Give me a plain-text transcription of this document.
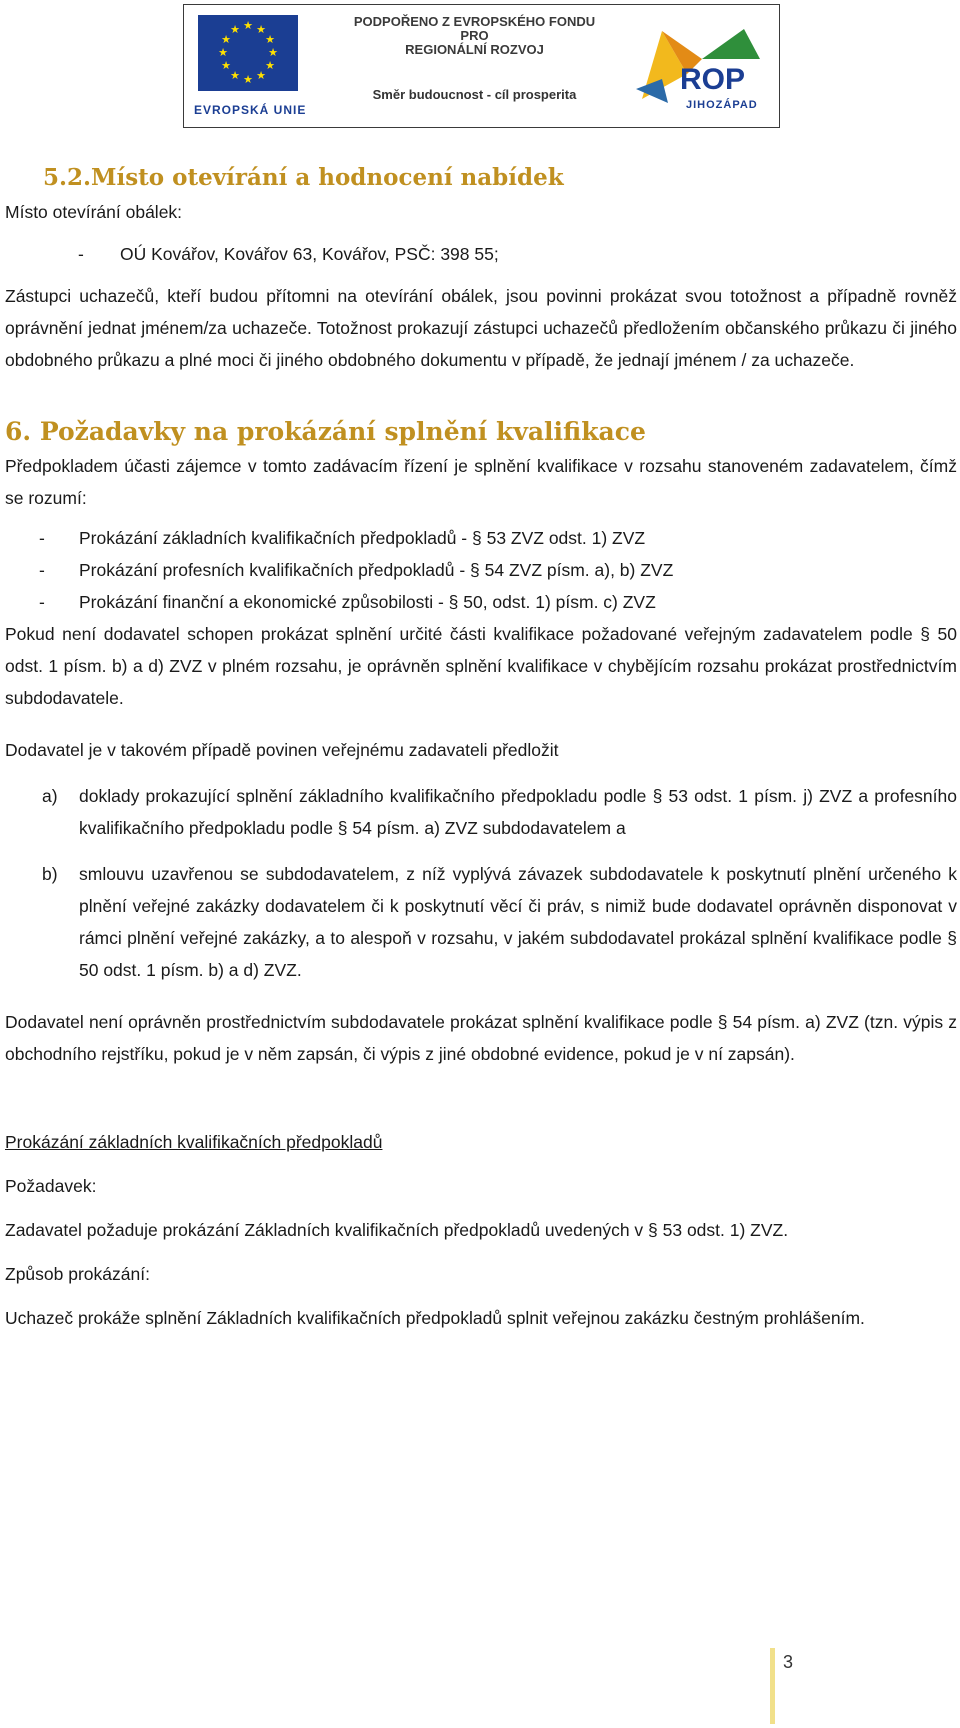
★ ★
★
★
★
★
★
★
★
★
★
★
EVROPSKÁ UNIE
PODPOŘENO Z EVROPSKÉHO FONDU
PRO
REGIONÁLNÍ ROZVOJ
Směr budoucnost - cíl prosperita	ROP
JIHOZÁPAD
5.2.Místo otevírání a hodnocení nabídek

Místo otevírání obálek:

- OÚ Kovářov, Kovářov 63, Kovářov, PSČ: 398 55;

Zástupci uchazečů, kteří budou přítomni na otevírání obálek, jsou povinni prokázat svou totožnost a případně rovněž oprávnění jednat jménem/za uchazeče. Totožnost prokazují zástupci uchazečů předložením občanského průkazu či jiného obdobného průkazu a plné moci či jiného obdobného dokumentu v případě, že jednají jménem / za uchazeče.

6. Požadavky na prokázání splnění kvalifikace

Předpokladem účasti zájemce v tomto zadávacím řízení je splnění kvalifikace v rozsahu stanoveném zadavatelem, čímž se rozumí:

- Prokázání základních kvalifikačních předpokladů - § 53 ZVZ odst. 1) ZVZ
- Prokázání profesních kvalifikačních předpokladů - § 54 ZVZ písm. a), b) ZVZ
- Prokázání finanční a ekonomické způsobilosti - § 50, odst. 1) písm. c) ZVZ

Pokud není dodavatel schopen prokázat splnění určité části kvalifikace požadované veřejným zadavatelem podle § 50 odst. 1 písm. b) a d) ZVZ v plném rozsahu, je oprávněn splnění kvalifikace v chybějícím rozsahu prokázat prostřednictvím subdodavatele.

Dodavatel je v takovém případě povinen veřejnému zadavateli předložit

a) doklady prokazující splnění základního kvalifikačního předpokladu podle § 53 odst. 1 písm. j) ZVZ a profesního kvalifikačního předpokladu podle § 54 písm. a) ZVZ subdodavatelem a
b) smlouvu uzavřenou se subdodavatelem, z níž vyplývá závazek subdodavatele k poskytnutí plnění určeného k plnění veřejné zakázky dodavatelem či k poskytnutí věcí či práv, s nimiž bude dodavatel oprávněn disponovat v rámci plnění veřejné zakázky, a to alespoň v rozsahu, v jakém subdodavatel prokázal splnění kvalifikace podle § 50 odst. 1 písm. b) a d) ZVZ.

Dodavatel není oprávněn prostřednictvím subdodavatele prokázat splnění kvalifikace podle § 54 písm. a) ZVZ (tzn. výpis z obchodního rejstříku, pokud je v něm zapsán, či výpis z jiné obdobné evidence, pokud je v ní zapsán).

Prokázání základních kvalifikačních předpokladů

Požadavek:

Zadavatel požaduje prokázání Základních kvalifikačních předpokladů uvedených v § 53 odst. 1) ZVZ.

Způsob prokázání:

Uchazeč prokáže splnění Základních kvalifikačních předpokladů splnit veřejnou zakázku čestným prohlášením.

3
